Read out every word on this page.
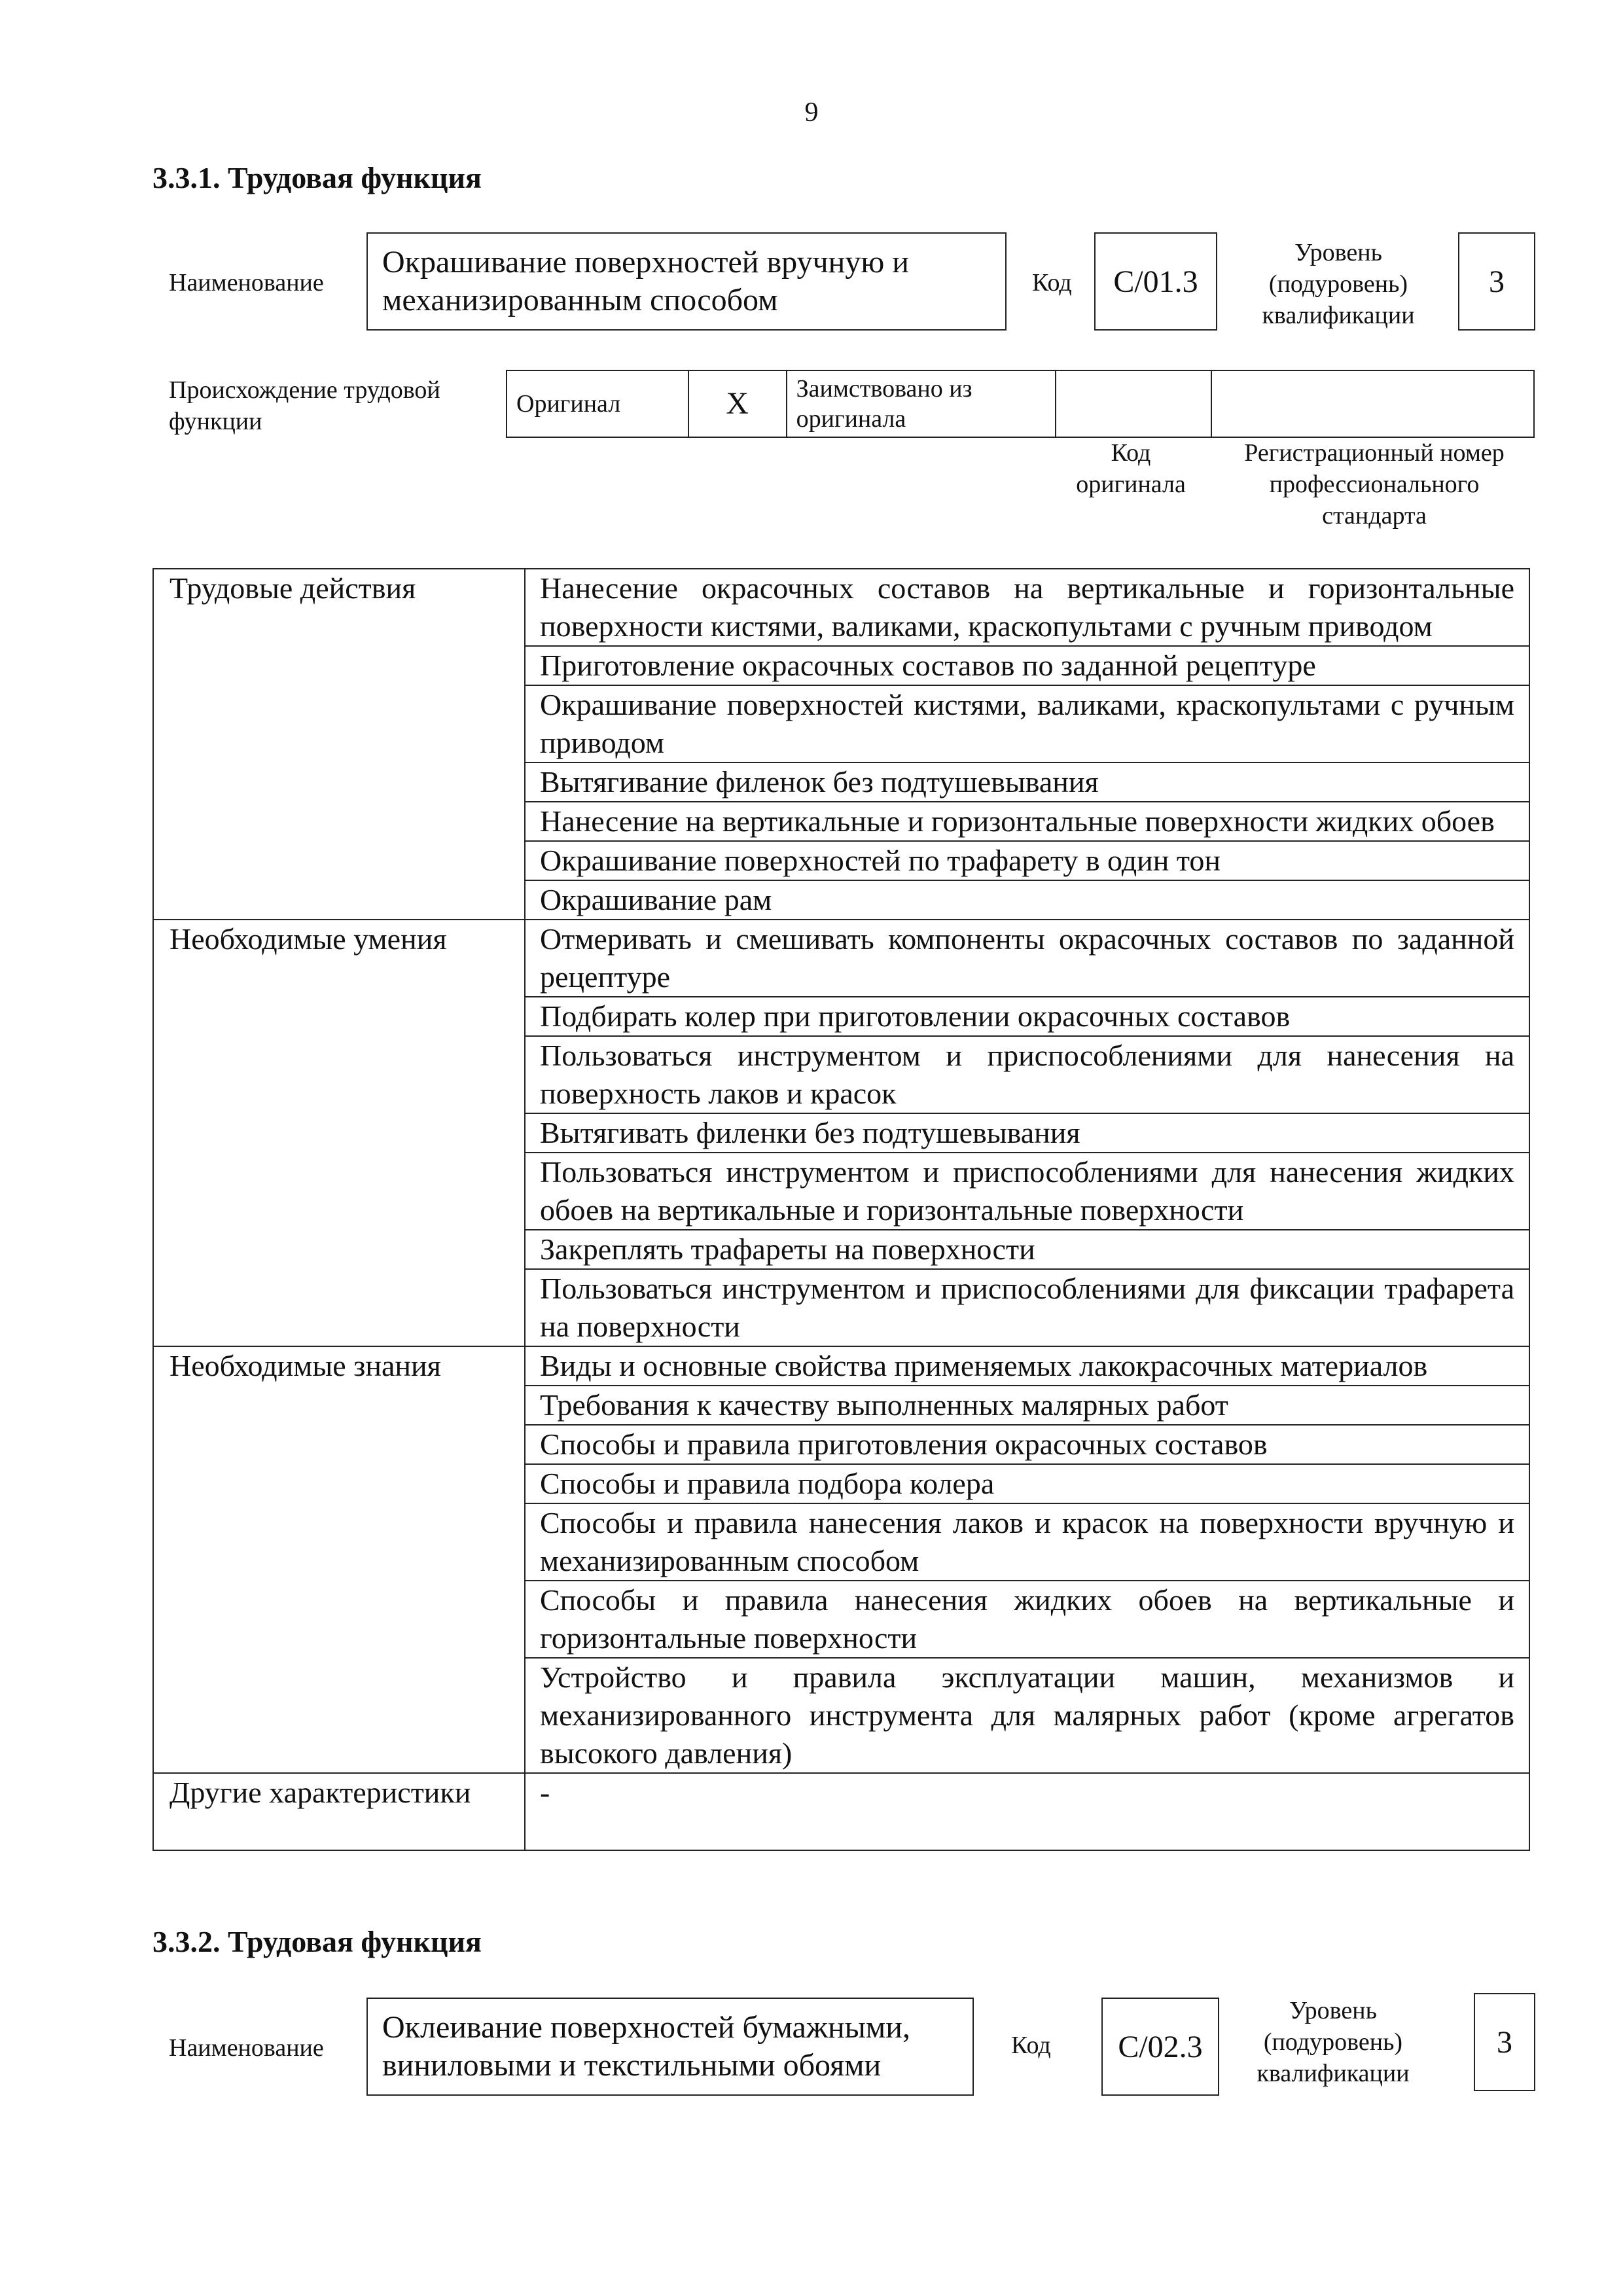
9
3.3.1. Трудовая функция
Наименование
Окрашивание поверхностей вручную и механизированным способом	Код C/01.3
Уровень (подуровень) квалификации
3
Происхождение трудовой функции
Оригинал	X	Заимствовано из оригинала		
Код оригинала
Регистрационный номер профессионального стандарта
Трудовые действия	Нанесение окрасочных составов на вертикальные и горизонтальные поверхности кистями, валиками, краскопультами с ручным приводом
	Приготовление окрасочных составов по заданной рецептуре
	Окрашивание поверхностей кистями, валиками, краскопультами с ручным приводом
	Вытягивание филенок без подтушевывания
	Нанесение на вертикальные и горизонтальные поверхности жидких обоев
	Окрашивание поверхностей по трафарету в один тон
	Окрашивание рам
Необходимые умения	Отмеривать и смешивать компоненты окрасочных составов по заданной рецептуре
	Подбирать колер при приготовлении окрасочных составов
	Пользоваться инструментом и приспособлениями для нанесения на поверхность лаков и красок
	Вытягивать филенки без подтушевывания
	Пользоваться инструментом и приспособлениями для нанесения жидких обоев на вертикальные и горизонтальные поверхности
	Закреплять трафареты на поверхности
	Пользоваться инструментом и приспособлениями для фиксации трафарета на поверхности
Необходимые знания	Виды и основные свойства применяемых лакокрасочных материалов
	Требования к качеству выполненных малярных работ
	Способы и правила приготовления окрасочных составов
	Способы и правила подбора колера
	Способы и правила нанесения лаков и красок на поверхности вручную и механизированным способом
	Способы и правила нанесения жидких обоев на вертикальные и горизонтальные поверхности
	Устройство и правила эксплуатации машин, механизмов и механизированного инструмента для малярных работ (кроме агрегатов высокого давления)
Другие характеристики	-
3.3.2. Трудовая функция
Наименование
Оклеивание поверхностей бумажными, виниловыми и текстильными обоями
Код C/02.3
Уровень (подуровень) квалификации
3
